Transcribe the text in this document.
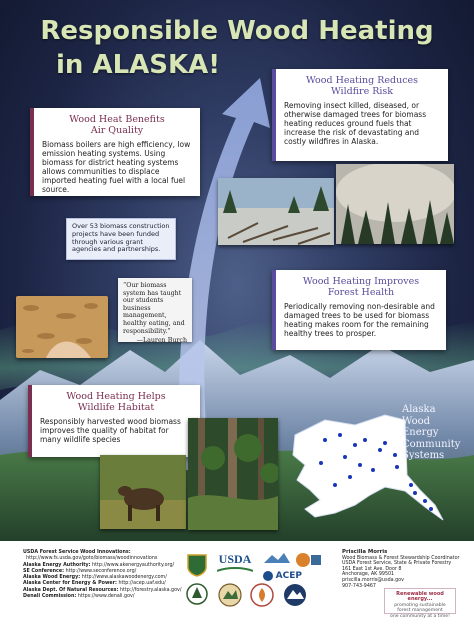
Responsible Wood Heating
in ALASKA!
Wood Heat Benefits
Air Quality

Biomass boilers are high efficiency, low emission heating systems. Using biomass for district heating systems allows communities to displace imported heating fuel with a local fuel source.

Wood Heating Reduces
Wildfire Risk

Removing insect killed, diseased, or otherwise damaged trees for biomass heating reduces ground fuels that increase the risk of devastating and costly wildfires in Alaska.

Over 53 biomass construction projects have been funded through various grant agencies and partnerships.
“Our biomass system has taught our students business management, healthy eating, and responsibility.”
—Lauren Burch
Wood Heating Improves
Forest Health

Periodically removing non-desirable and damaged trees to be used for biomass heating makes room for the remaining healthy trees to prosper.

Wood Heating Helps
Wildlife Habitat

Responsibly harvested wood biomass improves the quality of habitat for many wildlife species

Alaska
Wood
Energy
Community
Systems
USDA Forest Service Wood Innovations:
http://www.fs.usda.gov/goto/biomass/woodinnovations
Alaska Energy Authority: http://www.akenergyauthority.org/
SE Conference: http://www.seconference.org/
Alaska Wood Energy: http://www.alaskawoodenergy.com/
Alaska Center for Energy & Power: http://acep.uaf.edu/
Alaska Dept. Of Natural Resources: http://forestry.alaska.gov/
Denali Commission: https://www.denali.gov/
USDA
ACEP
Priscilla Morris
Wood Biomass & Forest Stewardship Coordinator
USDA Forest Service, State & Private Forestry
161 East 1st Ave. Door 8
Anchorage, AK 99501
priscilla.morris@usda.gov
907-743-9467
Renewable wood energy...
promoting sustainable
forest management
one community at a time!
